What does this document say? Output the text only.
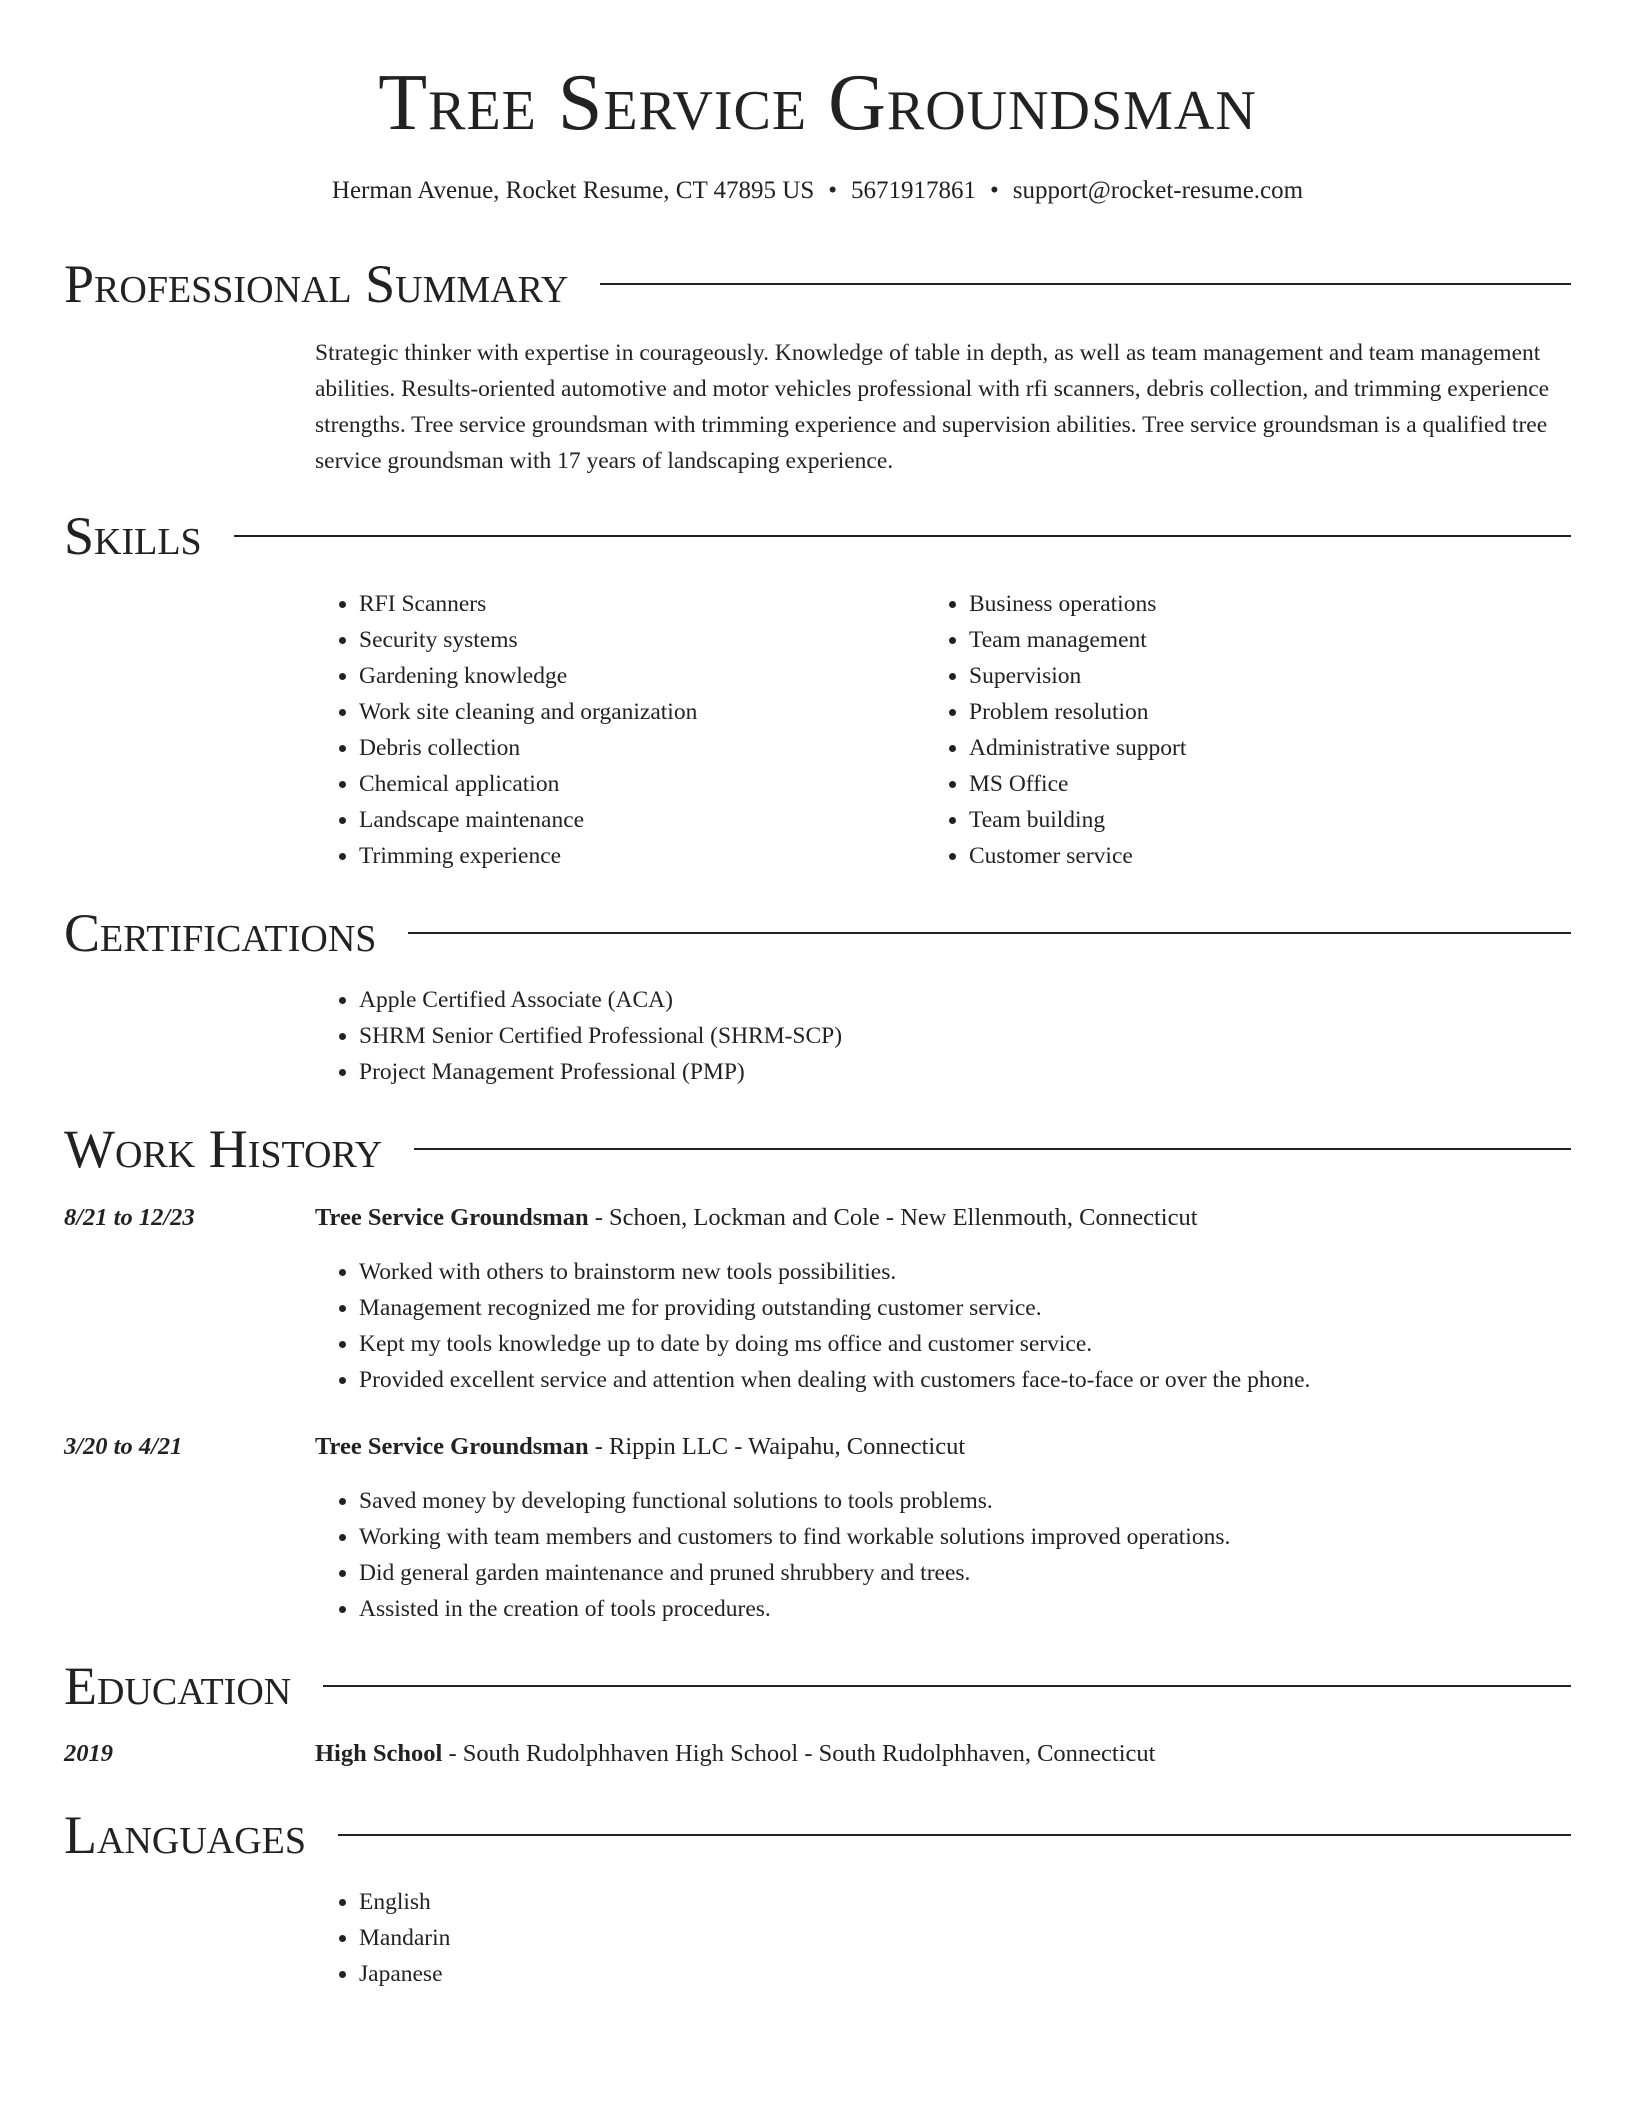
Tree Service Groundsman
Herman Avenue, Rocket Resume, CT 47895 US • 5671917861 • support@rocket-resume.com
Professional Summary
Strategic thinker with expertise in courageously. Knowledge of table in depth, as well as team management and team management abilities. Results-oriented automotive and motor vehicles professional with rfi scanners, debris collection, and trimming experience strengths. Tree service groundsman with trimming experience and supervision abilities. Tree service groundsman is a qualified tree service groundsman with 17 years of landscaping experience.
Skills
• RFI Scanners
• Security systems
• Gardening knowledge
• Work site cleaning and organization
• Debris collection
• Chemical application
• Landscape maintenance
• Trimming experience
• Business operations
• Team management
• Supervision
• Problem resolution
• Administrative support
• MS Office
• Team building
• Customer service
Certifications
• Apple Certified Associate (ACA)
• SHRM Senior Certified Professional (SHRM-SCP)
• Project Management Professional (PMP)
Work History
8/21 to 12/23	Tree Service Groundsman - Schoen, Lockman and Cole - New Ellenmouth, Connecticut
• Worked with others to brainstorm new tools possibilities.
• Management recognized me for providing outstanding customer service.
• Kept my tools knowledge up to date by doing ms office and customer service.
• Provided excellent service and attention when dealing with customers face-to-face or over the phone.
3/20 to 4/21	Tree Service Groundsman - Rippin LLC - Waipahu, Connecticut
• Saved money by developing functional solutions to tools problems.
• Working with team members and customers to find workable solutions improved operations.
• Did general garden maintenance and pruned shrubbery and trees.
• Assisted in the creation of tools procedures.
Education
2019	High School - South Rudolphhaven High School - South Rudolphhaven, Connecticut
Languages
• English
• Mandarin
• Japanese
